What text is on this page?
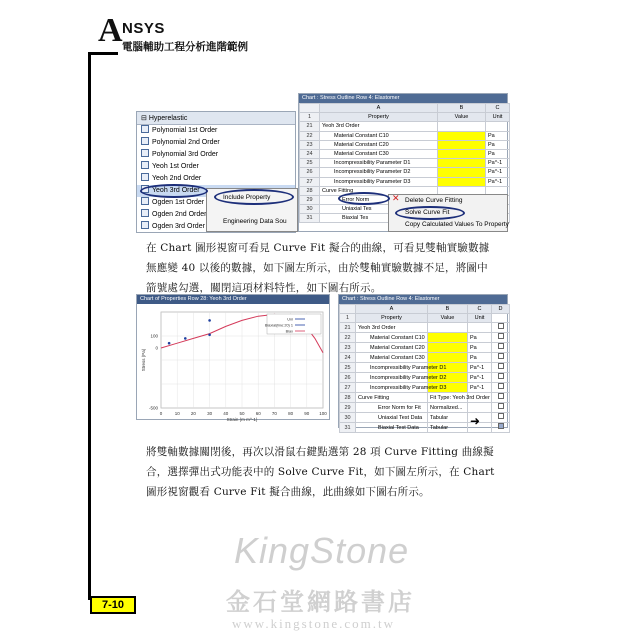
A NSYS
電腦輔助工程分析進階範例
⊟ Hyperelastic
Polynomial 1st Order
Polynomial 2nd Order
Polynomial 3rd Order
Yeoh 1st Order
Yeoh 2nd Order
Yeoh 3rd Order
Ogden 1st Order
Ogden 2nd Order
Ogden 3rd Order
Include Property
Engineering Data Sou
Chart : Stress Outline Row 4: Elastomer
	A	B	C
1	Property	Value	Unit
21	Yeoh 3rd Order		
22	Material Constant C10		Pa
23	Material Constant C20		Pa
24	Material Constant C30		Pa
25	Incompressibility Parameter D1		Pa^-1
26	Incompressibility Parameter D2		Pa^-1
27	Incompressibility Parameter D3		Pa^-1
28	Curve Fitting		
29	Error Norm		
30	Uniaxial Tes		
31	Biaxial Tes		
Delete Curve Fitting
Solve Curve Fit
Copy Calculated Values To Property
✕
在 Chart 圖形視窗可看見 Curve Fit 擬合的曲線，可看見雙軸實驗數據無應變 40 以後的數據，如下圖左所示，由於雙軸實驗數據不足，將圖中箭號處勾選，關閉這項材料特性，如下圖右所示。
Chart of Properties Row 28: Yeoh 3rd Order
0	10 20 30 40 50 60 70 80 90 100
100
0
-500
Strain (m m^-1)
Stress (Pa)
Uni
Biaxial(line:20) 1
Biax
Chart : Stress Outline Row 4: Elastomer
	A	B	C	D
1	Property	Value	Unit	
21	Yeoh 3rd Order			
22	Material Constant C10		Pa	
23	Material Constant C20		Pa	
24	Material Constant C30		Pa	
25	Incompressibility Parameter D1		Pa^-1	
26	Incompressibility Parameter D2		Pa^-1	
27	Incompressibility Parameter D3		Pa^-1	
28	Curve Fitting	Fit Type: Yeoh 3rd Order		
29	Error Norm for Fit	Normalized...		
30	Uniaxial Test Data	Tabular		
31	Biaxial Test Data	Tabular		➜
將雙軸數據關閉後，再次以滑鼠右鍵點選第 28 項 Curve Fitting 曲線擬合，選擇彈出式功能表中的 Solve Curve Fit，如下圖左所示，在 Chart 圖形視窗觀看 Curve Fit 擬合曲線，此曲線如下圖右所示。
KingStone
金石堂網路書店
www.kingstone.com.tw
7-10
